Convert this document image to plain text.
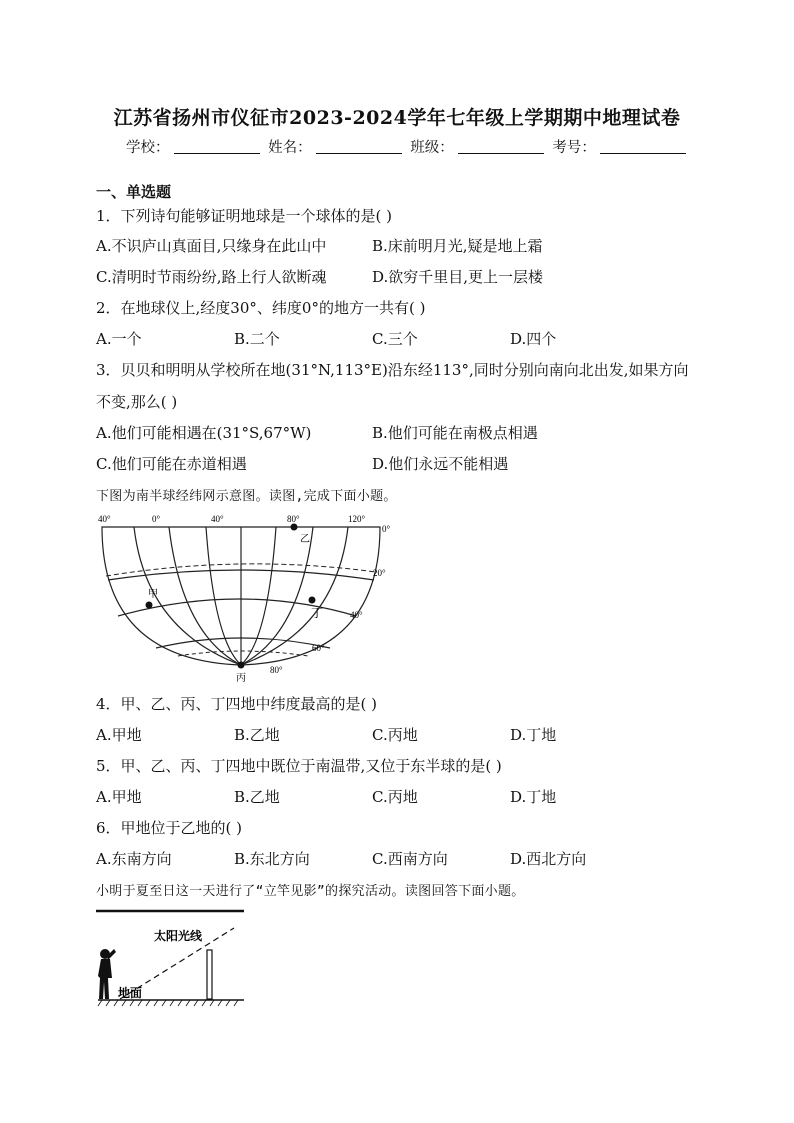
江苏省扬州市仪征市2023-2024学年七年级上学期期中地理试卷
学校：	姓名：	班级：	考号：
一、单选题
1．下列诗句能够证明地球是一个球体的是( )
A.不识庐山真面目,只缘身在此山中	B.床前明月光,疑是地上霜
C.清明时节雨纷纷,路上行人欲断魂	D.欲穷千里目,更上一层楼
2．在地球仪上,经度30°、纬度0°的地方一共有( )
A.一个	B.二个	C.三个	D.四个
3．贝贝和明明从学校所在地(31°N,113°E)沿东经113°,同时分别向南向北出发,如果方向
不变,那么( )
A.他们可能相遇在(31°S,67°W)	B.他们可能在南极点相遇
C.他们可能在赤道相遇	D.他们永远不能相遇
下图为南半球经纬网示意图。读图,完成下面小题。
40°	0°	40°	80°	120°
0°
20°
40°
60°
80°
甲
乙
丙
丁
4．甲、乙、丙、丁四地中纬度最高的是( )
A.甲地	B.乙地	C.丙地	D.丁地
5．甲、乙、丙、丁四地中既位于南温带,又位于东半球的是( )
A.甲地	B.乙地	C.丙地	D.丁地
6．甲地位于乙地的( )
A.东南方向	B.东北方向	C.西南方向	D.西北方向
小明于夏至日这一天进行了“立竿见影”的探究活动。读图回答下面小题。
太阳光线
地面
